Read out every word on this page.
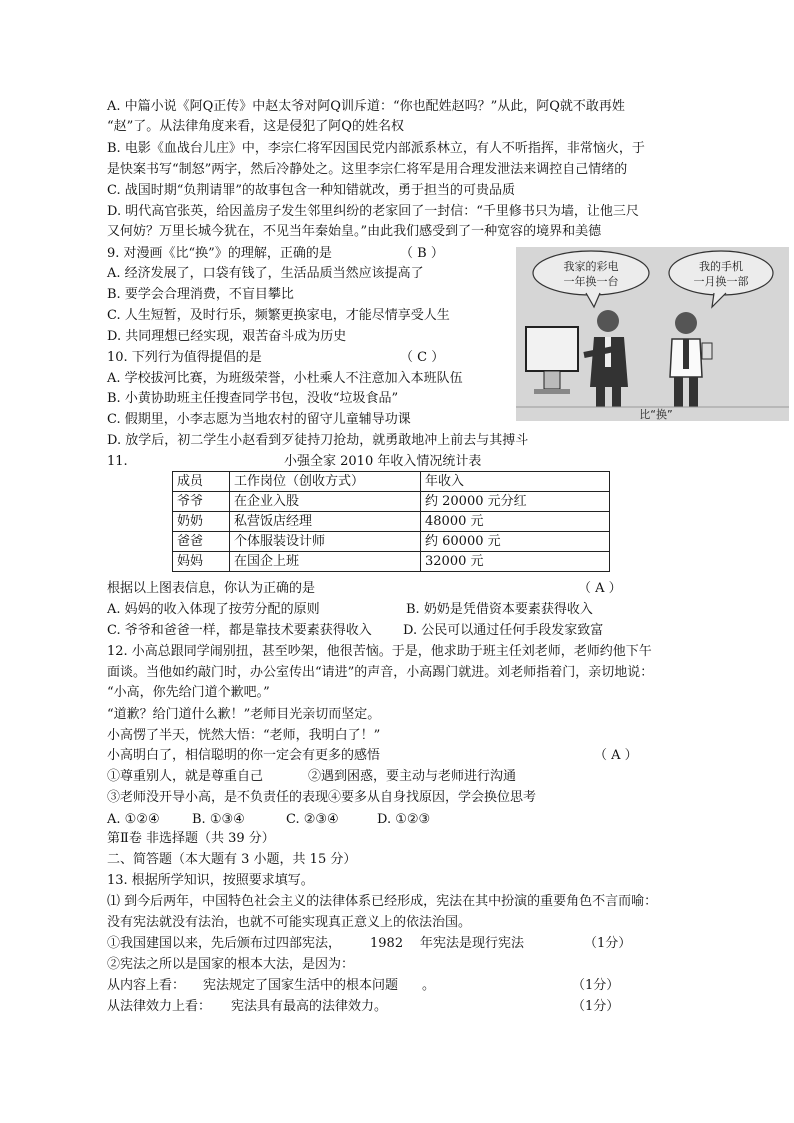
A. 中篇小说《阿Q正传》中赵太爷对阿Q训斥道：“你也配姓赵吗？”从此，阿Q就不敢再姓
“赵”了。从法律角度来看，这是侵犯了阿Q的姓名权
B. 电影《血战台儿庄》中，李宗仁将军因国民党内部派系林立，有人不听指挥，非常恼火，于
是快案书写“制怒”两字，然后冷静处之。这里李宗仁将军是用合理发泄法来调控自己情绪的
C. 战国时期“负荆请罪”的故事包含一种知错就改，勇于担当的可贵品质
D. 明代高官张英，给因盖房子发生邻里纠纷的老家回了一封信：“千里修书只为墙，让他三尺
又何妨？万里长城今犹在，不见当年秦始皇。”由此我们感受到了一种宽容的境界和美德
9. 对漫画《比“换”》的理解，正确的是	（ B ）
A. 经济发展了，口袋有钱了，生活品质当然应该提高了
B. 要学会合理消费，不盲目攀比
C. 人生短暂，及时行乐，频繁更换家电，才能尽情享受人生
D. 共同理想已经实现，艰苦奋斗成为历史
我家的彩电
一年换一台
我的手机
一月换一部
比“换”
10. 下列行为值得提倡的是	（ C ）
A. 学校拔河比赛，为班级荣誉，小杜乘人不注意加入本班队伍
B. 小黄协助班主任搜查同学书包，没收“垃圾食品”
C. 假期里，小李志愿为当地农村的留守儿童辅导功课
D. 放学后，初二学生小赵看到歹徒持刀抢劫，就勇敢地冲上前去与其搏斗
11.	小强全家 2010 年收入情况统计表
成员	工作岗位（创收方式）	年收入
爷爷	在企业入股	约 20000 元分红
奶奶	私营饭店经理	48000 元
爸爸	个体服装设计师	约 60000 元
妈妈	在国企上班	32000 元
根据以上图表信息，你认为正确的是	（ A ）
A. 妈妈的收入体现了按劳分配的原则	B. 奶奶是凭借资本要素获得收入
C. 爷爷和爸爸一样，都是靠技术要素获得收入 D. 公民可以通过任何手段发家致富
12. 小高总跟同学闹别扭，甚至吵架，他很苦恼。于是，他求助于班主任刘老师，老师约他下午
面谈。当他如约敲门时，办公室传出“请进”的声音，小高踢门就进。刘老师指着门，亲切地说：
“小高，你先给门道个歉吧。”
“道歉？给门道什么歉！”老师目光亲切而坚定。
小高愣了半天，恍然大悟：“老师，我明白了！”
小高明白了，相信聪明的你一定会有更多的感悟	（ A ）
①尊重别人，就是尊重自己	②遇到困惑，要主动与老师进行沟通
③老师没开导小高，是不负责任的表现④要多从自身找原因，学会换位思考
A. ①②④ B. ①③④	C. ②③④	D. ①②③
第Ⅱ卷 非选择题（共 39 分）
二、简答题（本大题有 3 小题，共 15 分）
13. 根据所学知识，按照要求填写。
⑴ 到今后两年，中国特色社会主义的法律体系已经形成，宪法在其中扮演的重要角色不言而喻：
没有宪法就没有法治，也就不可能实现真正意义上的依法治国。
①我国建国以来，先后颁布过四部宪法， 1982 年宪法是现行宪法	（1分）
②宪法之所以是国家的根本大法，是因为：
从内容上看： 宪法规定了国家生活中的根本问题 。	（1分）
从法律效力上看： 宪法具有最高的法律效力。	（1分）
